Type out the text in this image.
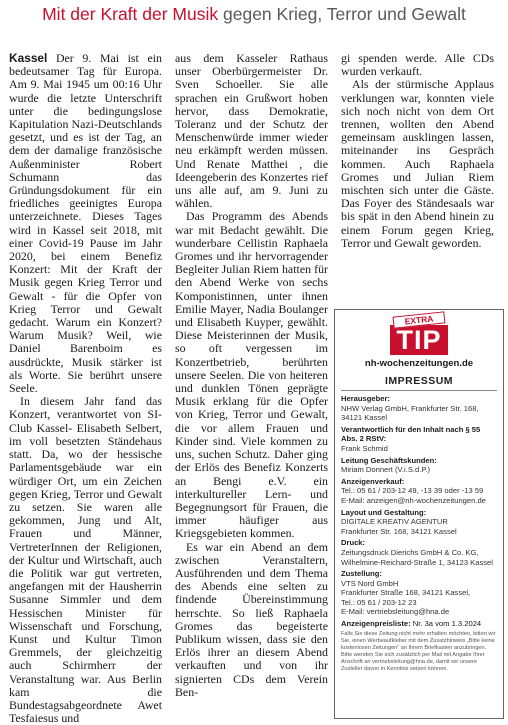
Mit der Kraft der Musik gegen Krieg, Terror und Gewalt

Kassel Der 9. Mai ist ein bedeutsamer Tag für Europa. Am 9. Mai 1945 um 00:16 Uhr wurde die letzte Unterschrift unter die bedingungslose Kapitulation Nazi-Deutschlands gesetzt, und es ist der Tag, an dem der damalige französische Außenminister Robert Schumann das Gründungsdokument für ein friedliches geeinigtes Europa unterzeichnete. Dieses Tages wird in Kassel seit 2018, mit einer Covid-19 Pause im Jahr 2020, bei einem Benefiz Konzert: Mit der Kraft der Musik gegen Krieg Terror und Gewalt - für die Opfer von Krieg Terror und Gewalt gedacht. Warum ein Konzert? Warum Musik? Weil, wie Daniel Barenboim es ausdrückte, Musik stärker ist als Worte. Sie berührt unsere Seele.

In diesem Jahr fand das Konzert, verantwortet von SI-Club Kassel- Elisabeth Selbert, im voll besetzten Ständehaus statt. Da, wo der hessische Parlamentsgebäude war ein würdiger Ort, um ein Zeichen gegen Krieg, Terror und Gewalt zu setzen. Sie waren alle gekommen, Jung und Alt, Frauen und Männer, VertreterInnen der Religionen, der Kultur und Wirtschaft, auch die Politik war gut vertreten, angefangen mit der Hausherrin Susanne Simmler und dem Hessischen Minister für Wissenschaft und Forschung, Kunst und Kultur Timon Gremmels, der gleichzeitig auch Schirmherr der Veranstaltung war. Aus Berlin kam die Bundestagsabgeordnete Awet Tesfaiesus und

aus dem Kasseler Rathaus unser Oberbürgermeister Dr. Sven Schoeller. Sie alle sprachen ein Grußwort hoben hervor, dass Demokratie, Toleranz und der Schutz der Menschenwürde immer wieder neu erkämpft werden müssen. Und Renate Matthei , die Ideengeberin des Konzertes rief uns alle auf, am 9. Juni zu wählen.

Das Programm des Abends war mit Bedacht gewählt. Die wunderbare Cellistin Raphaela Gromes und ihr hervorragender Begleiter Julian Riem hatten für den Abend Werke von sechs Komponistinnen, unter ihnen Emilie Mayer, Nadia Boulanger und Elisabeth Kuyper, gewählt. Diese Meisterinnen der Musik, so oft vergessen im Konzertbetrieb, berührten unsere Seelen. Die von heiteren und dunklen Tönen geprägte Musik erklang für die Opfer von Krieg, Terror und Gewalt, die vor allem Frauen und Kinder sind. Viele kommen zu uns, suchen Schutz. Daher ging der Erlös des Benefiz Konzerts an Bengi e.V. ein interkultureller Lern- und Begegnungsort für Frauen, die immer häufiger aus Kriegsgebieten kommen.

Es war ein Abend an dem zwischen Veranstaltern, Ausführenden und dem Thema des Abends eine selten zu findende Übereinstimmung herrschte. So ließ Raphaela Gromes das begeisterte Publikum wissen, dass sie den Erlös ihrer an diesem Abend verkauften und von ihr signierten CDs dem Verein Ben-

gi spenden werde. Alle CDs wurden verkauft.

Als der stürmische Applaus verklungen war, konnten viele sich noch nicht von dem Ort trennen, wollten den Abend gemeinsam ausklingen lassen, miteinander ins Gespräch kommen. Auch Raphaela Gromes und Julian Riem mischten sich unter die Gäste. Das Foyer des Ständesaals war bis spät in den Abend hinein zu einem Forum gegen Krieg, Terror und Gewalt geworden.

TIP
EXTRA
nh-wochenzeitungen.de
IMPRESSUM
Herausgeber:
NHW Verlag GmbH, Frankfurter Str. 168,
34121 Kassel
Verantwortlich für den Inhalt nach § 55 Abs. 2 RStV:
Frank Schmid
Leitung Geschäftskunden:
Miriam Donnert (V.i.S.d.P.)
Anzeigenverkauf:
Tel.: 05 61 / 203-12 49, -13 39 oder -13 59
E-Mail: anzeigen@nh-wochenzeitungen.de
Layout und Gestaltung:
DIGITALE KREATIV AGENTUR
Frankfurter Str. 168, 34121 Kassel
Druck:
Zeitungsdruck Dierichs GmbH & Co. KG, Wilhelmine-Reichard-Straße 1, 34123 Kassel
Zustellung:
VTS Nord GmbH
Frankfurter Straße 168, 34121 Kassel,
Tel.: 05 61 / 203-12 23
E-Mail: vertriebsleitung@hna.de
Anzeigenpreisliste: Nr. 3a vom 1.3.2024
Falls Sie diese Zeitung nicht mehr erhalten möchten, bitten wir Sie, einen Werbeaufkleber mit dem Zusatzhinweis „Bitte keine kostenlosen Zeitungen“ an Ihrem Briefkasten anzubringen. Bitte wenden Sie sich zusätzlich per Mail mit Angabe Ihrer Anschrift an vertriebsleitung@hna.de, damit wir unsere Zusteller davon in Kenntnis setzen können.
